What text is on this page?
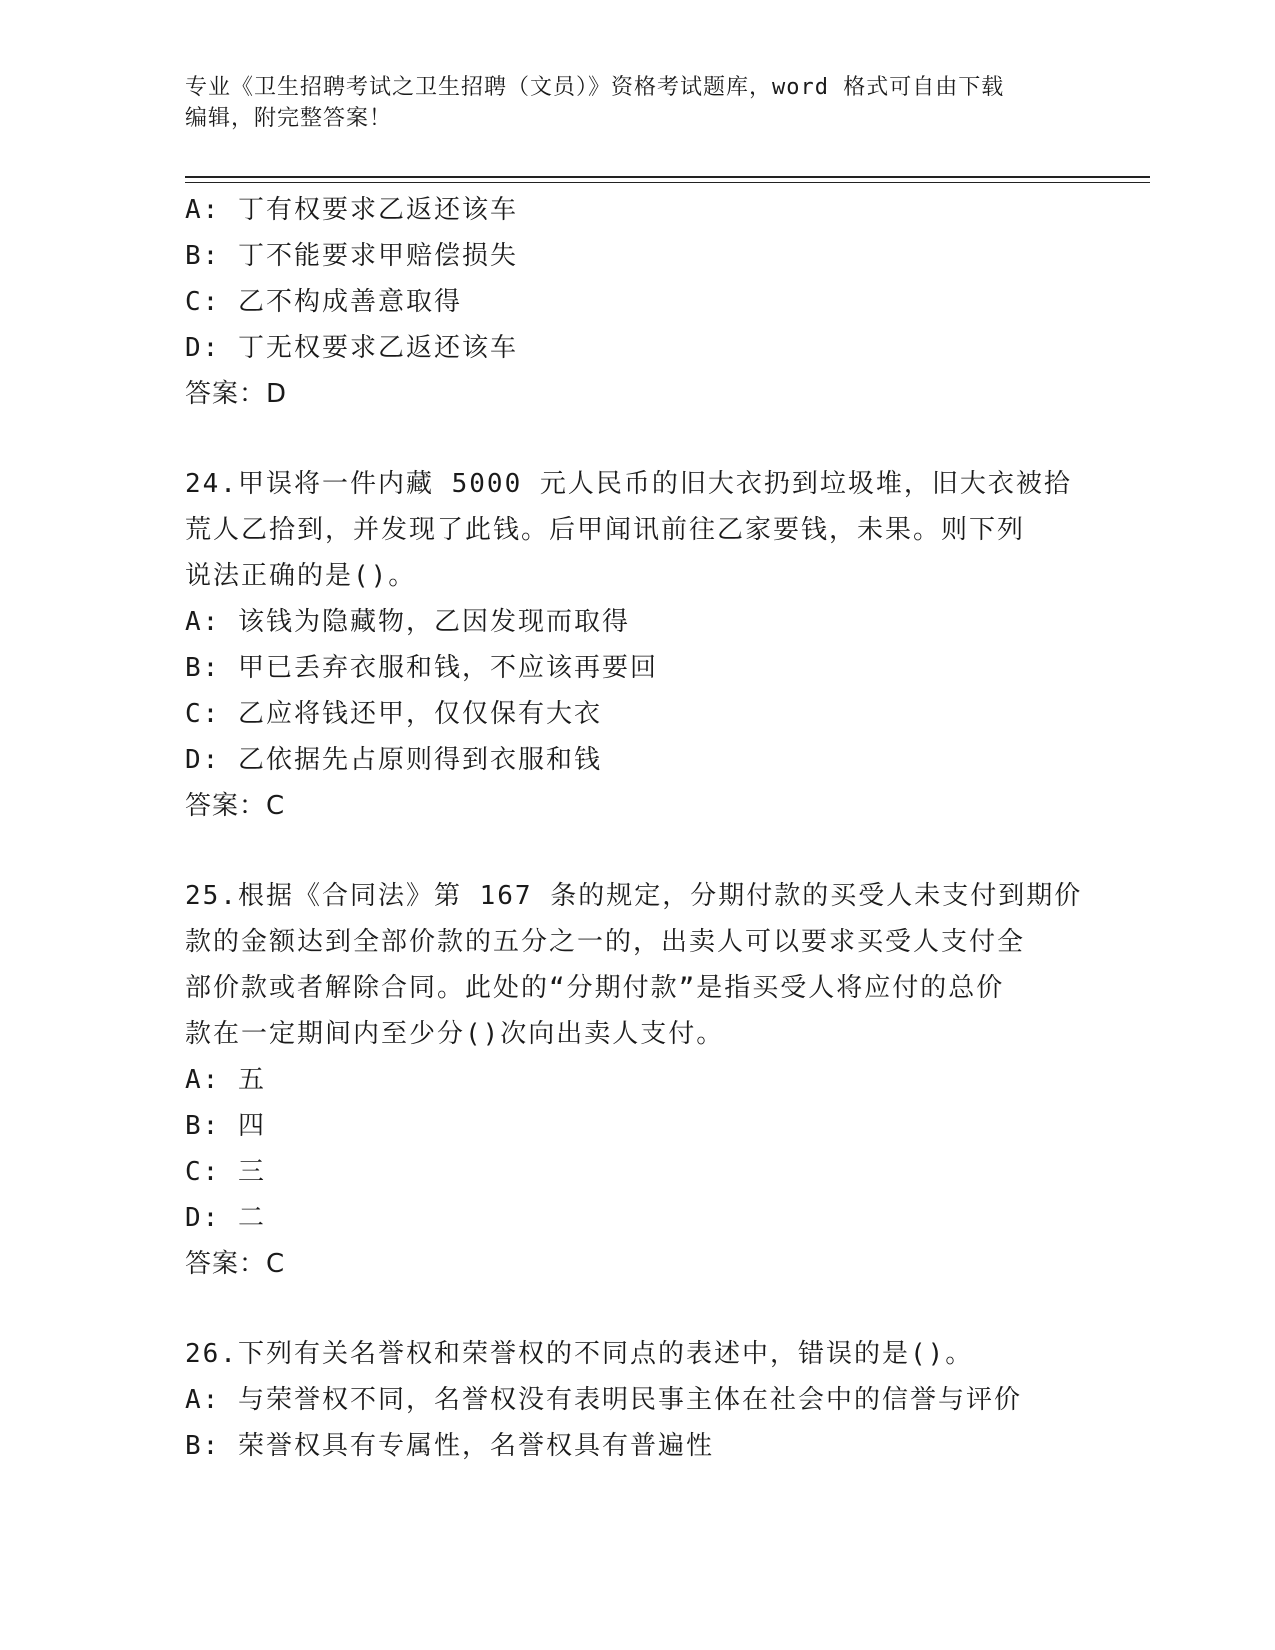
专业《卫生招聘考试之卫生招聘（文员）》资格考试题库，word 格式可自由下载
编辑，附完整答案！
A: 丁有权要求乙返还该车
B: 丁不能要求甲赔偿损失
C: 乙不构成善意取得
D: 丁无权要求乙返还该车
答案：D
24.甲误将一件内藏 5000 元人民币的旧大衣扔到垃圾堆，旧大衣被拾
荒人乙拾到，并发现了此钱。后甲闻讯前往乙家要钱，未果。则下列
说法正确的是()。
A: 该钱为隐藏物，乙因发现而取得
B: 甲已丢弃衣服和钱，不应该再要回
C: 乙应将钱还甲，仅仅保有大衣
D: 乙依据先占原则得到衣服和钱
答案：C
25.根据《合同法》第 167 条的规定，分期付款的买受人未支付到期价
款的金额达到全部价款的五分之一的，出卖人可以要求买受人支付全
部价款或者解除合同。此处的“分期付款”是指买受人将应付的总价
款在一定期间内至少分()次向出卖人支付。
A: 五
B: 四
C: 三
D: 二
答案：C
26.下列有关名誉权和荣誉权的不同点的表述中，错误的是()。
A: 与荣誉权不同，名誉权没有表明民事主体在社会中的信誉与评价
B: 荣誉权具有专属性，名誉权具有普遍性
